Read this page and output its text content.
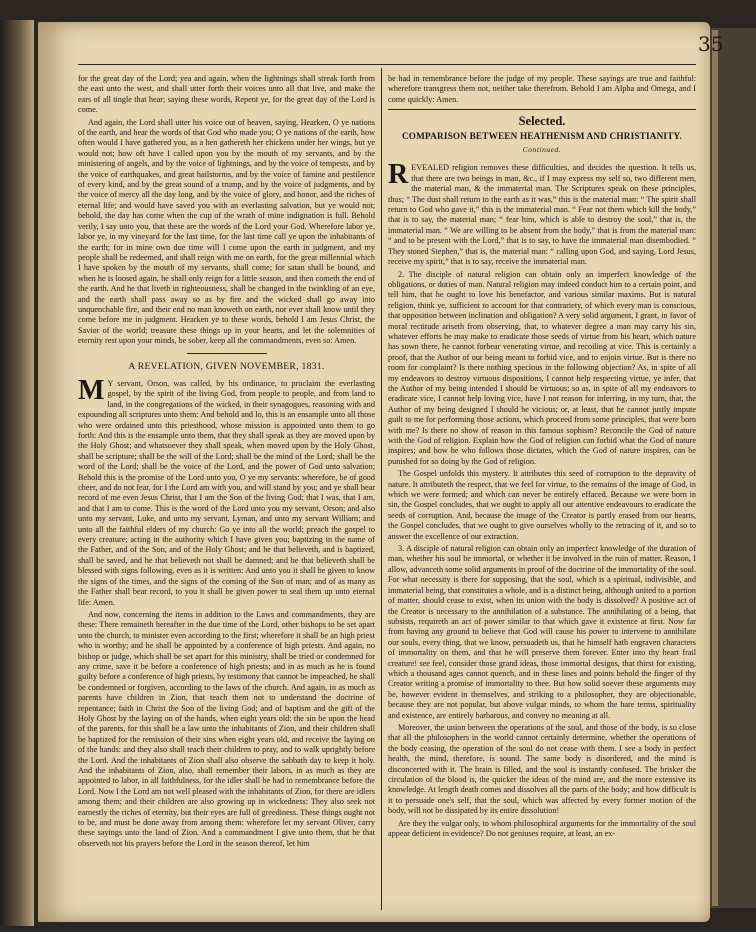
35

for the great day of the Lord; yea and again, when the lightnings shall streak forth from the east unto the west, and shall utter forth their voices unto all that live, and make the ears of all tingle that hear; saying these words, Repent ye, for the great day of the Lord is come.

And again, the Lord shall utter his voice out of heaven, saying, Hearken, O ye nations of the earth, and hear the words of that God who made you; O ye nations of the earth, how often would I have gathered you, as a hen gathereth her chickens under her wings, but ye would not; how oft have I called upon you by the mouth of my servants, and by the ministering of angels, and by the voice of lightnings, and by the voice of tempests, and by the voice of earthquakes, and great hailstorms, and by the voice of famine and pestilence of every kind, and by the great sound of a trump, and by the voice of judgments, and by the voice of mercy all the day long, and by the voice of glory, and honor, and the riches of eternal life; and would have saved you with an everlasting salvation, but ye would not; behold, the day has come when the cup of the wrath of mine indignation is full. Behold verily, I say unto you, that these are the words of the Lord your God. Wherefore labor ye, labor ye, in my vineyard for the last time, for the last time call ye upon the inhabitants of the earth; for in mine own due time will I come upon the earth in judgment, and my people shall be redeemed, and shall reign with me on earth, for the great millennial which I have spoken by the mouth of my servants, shall come; for satan shall be bound, and when he is loosed again, he shall only reign for a little season, and then cometh the end of the earth. And he that liveth in righteousness, shall be changed in the twinkling of an eye, and the earth shall pass away so as by fire and the wicked shall go away into unquenchable fire, and their end no man knoweth on earth, nor ever shall know until they come before me in judgment. Hearken ye to these words, behold I am Jesus Christ, the Savior of the world; treasure these things up in your hearts, and let the solemnities of eternity rest upon your minds, be sober, keep all the commandments, even so: Amen.

A REVELATION, GIVEN NOVEMBER, 1831.

M Y servant, Orson, was called, by his ordinance, to proclaim the everlasting gospel, by the spirit of the living God, from people to people, and from land to land, in the congregations of the wicked, in their synagogues, reasoning with and expounding all scriptures unto them: And behold and lo, this is an ensample unto all those who were ordained unto this priesthood, whose mission is appointed unto them to go forth: And this is the ensample unto them, that they shall speak as they are moved upon by the Holy Ghost; and whatsoever they shall speak, when moved upon by the Holy Ghost, shall be scripture; shall be the will of the Lord; shall be the mind of the Lord; shall be the word of the Lord; shall be the voice of the Lord, and the power of God unto salvation; Behold this is the promise of the Lord unto you, O ye my servants: wherefore, be of good cheer, and do not fear, for I the Lord am with you, and will stand by you; and ye shall bear record of me even Jesus Christ, that I am the Son of the living God; that I was, that I am, and that I am to come. This is the word of the Lord unto you my servant, Orson; and also unto my servant, Luke, and unto my servant, Lyman, and unto my servant William; and unto all the faithful elders of my church: Go ye into all the world; preach the gospel to every creature; acting in the authority which I have given you; baptizing in the name of the Father, and of the Son, and of the Holy Ghost; and he that believeth, and is baptized, shall be saved, and he that believeth not shall be damned; and he that believeth shall be blessed with signs following, even as it is written: And unto you it shall be given to know the signs of the times, and the signs of the coming of the Son of man; and of as many as the Father shall bear record, to you it shall be given power to seal them up unto eternal life: Amen.

And now, concerning the items in addition to the Laws and commandments, they are these: There remaineth hereafter in the due time of the Lord, other bishops to be set apart unto the church, to minister even according to the first; wherefore it shall be an high priest who is worthy; and he shall be appointed by a conference of high priests. And again, no bishop or judge, which shall be set apart for this ministry, shall be tried or condemned for any crime, save it be before a conference of high priests; and in as much as he is found guilty before a conference of high priests, by testimony that cannot be impeached, he shall be condemned or forgiven, according to the laws of the church. And again, in as much as parents have children in Zion, that teach them not to understand the doctrine of repentance; faith in Christ the Son of the living God; and of baptism and the gift of the Holy Ghost by the laying on of the hands, when eight years old: the sin be upon the head of the parents, for this shall be a law unto the inhabitants of Zion, and their children shall be baptized for the remission of their sins when eight years old, and receive the laying on of the hands: and they also shall teach their children to pray, and to walk uprightly before the Lord. And the inhabitants of Zion shall also observe the sabbath day to keep it holy. And the inhabitants of Zion, also, shall remember their labors, in as much as they are appointed to labor, in all faithfulness, for the idler shall be had in remembrance before the Lord. Now I the Lord am not well pleased with the inhabitants of Zion, for there are idlers among them; and their children are also growing up in wickedness: They also seek not earnestly the riches of eternity, but their eyes are full of greediness. These things ought not to be, and must be done away from among them: wherefore let my servant Oliver, carry these sayings unto the land of Zion. And a commandment I give unto them, that he that observeth not his prayers before the Lord in the season thereof, let him

be had in remembrance before the judge of my people. These sayings are true and faithful: wherefore transgress them not, neither take therefrom. Behold I am Alpha and Omega, and I come quickly: Amen.

Selected.
COMPARISON BETWEEN HEATHENISM AND CHRISTIANITY.
Continued.

REVEALED religion removes these difficulties, and decides the question. It tells us, that there are two beings in man, &c., if I may express my self so, two different men, the material man, & the immaterial man. The Scriptures speak on these principles, thus; “ The dust shall return to the earth as it was,” this is the material man: “ The spirit shall return to God who gave it,” this is the immaterial man. “ Fear not them which kill the body,” that is to say, the material man; “ fear him, which is able to destroy the soul,” that is, the immaterial man. “ We are willing to be absent from the body,” that is from the material man: “ and to be present with the Lord,” that is to say, to have the immaterial man disembodied. “ They stoned Stephen,” that is, the material man: “ calling upon God, and saying, Lord Jesus, receive my spirit,” that is to say, receive the immaterial man.

2. The disciple of natural religion can obtain only an imperfect knowledge of the obligations, or duties of man. Natural religion may indeed conduct him to a certain point, and tell him, that he ought to love his benefactor, and various similar maxims. But is natural religion, think ye, sufficient to account for that contrariety, of which every man is conscious, that opposition between inclination and obligation? A very solid argument, I grant, in favor of moral rectitude ariseth from observing, that, to whatever degree a man may carry his sin, whatever efforts he may make to eradicate those seeds of virtue from his heart, which nature has sown there, he cannot forbear venerating virtue, and recoiling at vice. This is certainly a proof, that the Author of our being meant to forbid vice, and to enjoin virtue. But is there no room for complaint? Is there nothing specious in the following objection? As, in spite of all my endeavors to destroy virtuous dispositions, I cannot help respecting virtue, ye infer, that the Author of my being intended I should be virtuous; so as, in spite of all my endeavors to eradicate vice, I cannot help loving vice, have I not reason for inferring, in my turn, that, the Author of my being designed I should be vicious; or, at least, that he cannot justly impute guilt to me for performing those actions, which proceed from some principles, that were born with me? Is there no show of reason in this famous sophism? Reconcile the God of nature with the God of religion. Explain how the God of religion can forbid what the God of nature inspires; and how he who follows those dictates, which the God of nature inspires, can be punished for so doing by the God of religion.

The Gospel unfolds this mystery. It attributes this seed of corruption to the depravity of nature. It attributeth the respect, that we feel for virtue, to the remains of the image of God, in which we were formed; and which can never be entirely effaced. Because we were born in sin, the Gospel concludes, that we ought to apply all our attentive endeavours to eradicate the seeds of corruption. And, because the image of the Creator is partly erased from our hearts, the Gospel concludes, that we ought to give ourselves wholly to the retracing of it, and so to answer the excellence of our extraction.

3. A disciple of natural religion can obtain only an imperfect knowledge of the duration of man, whether his soul be immortal, or whether it be involved in the ruin of matter. Reason, I allow, advanceth some solid arguments in proof of the doctrine of the immortality of the soul. For what necessity is there for supposing, that the soul, which is a spiritual, indivisible, and immaterial being, that constitutes a whole, and is a distinct being, although united to a portion of matter, should cease to exist, when its union with the body is dissolved? A positive act of the Creator is necessary to the annihilation of a substance. The annihilating of a being, that subsists, requireth an act of power similar to that which gave it existence at first. Now far from having any ground to believe that God will cause his power to intervene to annihilate our souls, every thing, that we know, persuadeth us, that he himself hath engraven characters of immortality on them, and that he will preserve them forever. Enter into thy heart frail creature! see feel, consider those grand ideas, those immortal designs, that thirst for existing, which a thousand ages cannot quench, and in these lines and points behold the finger of thy Creator writing a promise of immortality to thee. But how solid soever these arguments may be, however evident in themselves, and striking to a philosopher, they are objectionable, because they are not popular, but above vulgar minds, to whom the bare terms, spirituality and existence, are entirely barbarous, and convey no meaning at all.

Moreover, the union between the operations of the soul, and those of the body, is so close that all the philosophers in the world cannot certainly determine, whether the operations of the body ceasing, the operation of the soul do not cease with them. I see a body in perfect health, the mind, therefore, is sound. The same body is disordered, and the mind is disconcerted with it. The brain is filled, and the soul is instantly confused. The brisker the circulation of the blood is, the quicker the ideas of the mind are, and the more extensive its knowledge. At length death comes and dissolves all the parts of the body; and how difficult is it to persuade one's self, that the soul, which was affected by every former motion of the body, will not be dissipated by its entire dissolution!

Are they the vulgar only, to whom philosophical arguments for the immortality of the soul appear deficient in evidence? Do not geniuses require, at least, an ex-
